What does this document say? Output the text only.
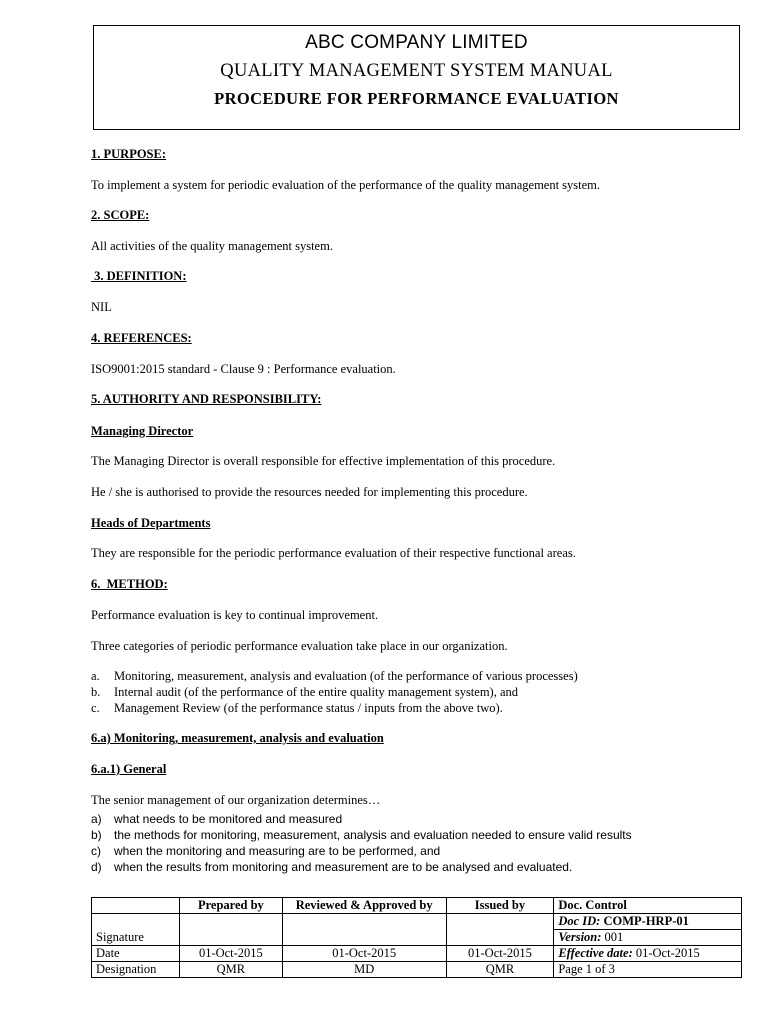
ABC COMPANY LIMITED
QUALITY MANAGEMENT SYSTEM MANUAL
PROCEDURE FOR PERFORMANCE EVALUATION
1. PURPOSE:
To implement a system for periodic evaluation of the performance of the quality management system.
2. SCOPE:
All activities of the quality management system.
3. DEFINITION:
NIL
4. REFERENCES:
ISO9001:2015 standard - Clause 9 : Performance evaluation.
5. AUTHORITY AND RESPONSIBILITY:
Managing Director
The Managing Director is overall responsible for effective implementation of this procedure.
He / she is authorised to provide the resources needed for implementing this procedure.
Heads of Departments
They are responsible for the periodic performance evaluation of their respective functional areas.
6.  METHOD:
Performance evaluation is key to continual improvement.
Three categories of periodic performance evaluation take place in our organization.
a. Monitoring, measurement, analysis and evaluation (of the performance of various processes)
b. Internal audit (of the performance of the entire quality management system), and
c. Management Review (of the performance status / inputs from the above two).
6.a) Monitoring, measurement, analysis and evaluation
6.a.1) General
The senior management of our organization determines…
a) what needs to be monitored and measured
b) the methods for monitoring, measurement, analysis and evaluation needed to ensure valid results
c) when the monitoring and measuring are to be performed, and
d) when the results from monitoring and measurement are to be analysed and evaluated.
	Prepared by	Reviewed & Approved by	Issued by	Doc. Control
Signature				Doc ID: COMP-HRP-01
				Version: 001
Date	01-Oct-2015	01-Oct-2015	01-Oct-2015	Effective date: 01-Oct-2015
Designation	QMR	MD	QMR	Page 1 of 3
